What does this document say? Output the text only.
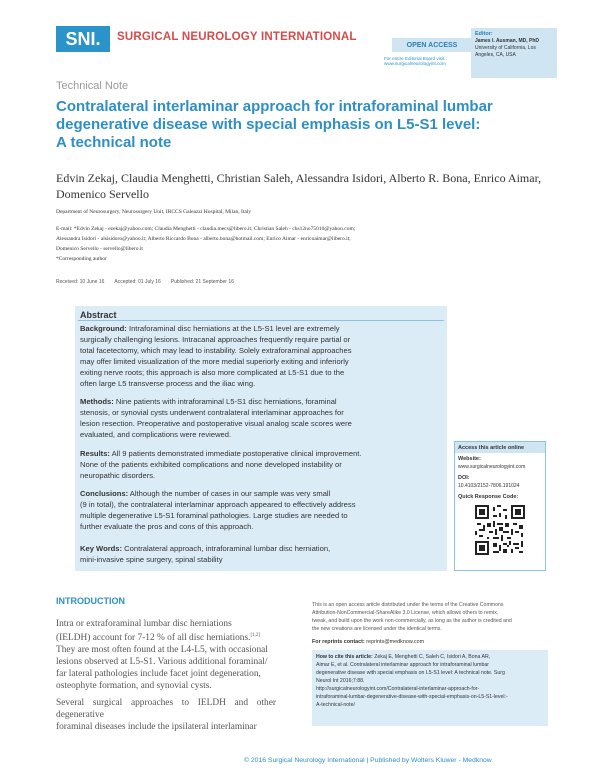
SNI.	SURGICAL NEUROLOGY INTERNATIONAL
OPEN ACCESS
For entire Editorial Board visit : www.surgicalneurologyint.com
Editor:
James I. Ausman, MD, PhD
University of California, Los
Angeles, CA, USA
Technical Note
Contralateral interlaminar approach for intraforaminal lumbar
degenerative disease with special emphasis on L5-S1 level:
A technical note
Edvin Zekaj, Claudia Menghetti, Christian Saleh, Alessandra Isidori, Alberto R. Bona, Enrico Aimar,
Domenico Servello
Department of Neurosurgery, Neurosurgery Unit, IRCCS Galeazzi Hospital, Milan, Italy
E-mail: *Edvin Zekaj - ezekaj@yahoo.com; Claudia Menghetti - claudia.mecs@libero.it; Christian Saleh - chs12no75010@yahoo.com;
Alessandra Isidori - alsisidoro@yahoo.it; Alberto Riccardo Bona - alberto.bona@hotmail.com; Enrico Aimar - enricoaimar@libero.it;
Domenico Servello - servello@libero.it
*Corresponding author
Received: 10 June 16 Accepted: 01 July 16 Published: 21 September 16
Abstract
Background: Intraforaminal disc herniations at the L5-S1 level are extremely
surgically challenging lesions. Intracanal approaches frequently require partial or
total facetectomy, which may lead to instability. Solely extraforaminal approaches
may offer limited visualization of the more medial superiorly exiting and inferiorly
exiting nerve roots; this approach is also more complicated at L5-S1 due to the
often large L5 transverse process and the iliac wing.
Methods: Nine patients with intraforaminal L5-S1 disc herniations, foraminal
stenosis, or synovial cysts underwent contralateral interlaminar approaches for
lesion resection. Preoperative and postoperative visual analog scale scores were
evaluated, and complications were reviewed.
Results: All 9 patients demonstrated immediate postoperative clinical improvement.
None of the patients exhibited complications and none developed instability or
neuropathic disorders.
Conclusions: Although the number of cases in our sample was very small
(9 in total), the contralateral interlaminar approach appeared to effectively address
multiple degenerative L5-S1 foraminal pathologies. Large studies are needed to
further evaluate the pros and cons of this approach.
Key Words: Contralateral approach, intraforaminal lumbar disc herniation,
mini-invasive spine surgery, spinal stability
Access this article online
Website:
www.surgicalneurologyint.com
DOI:
10.4103/2152-7806.191024
Quick Response Code:
INTRODUCTION
Intra or extraforaminal lumbar disc herniations
(IELDH) account for 7-12 % of all disc herniations.[1,2]
They are most often found at the L4-L5, with occasional
lesions observed at L5-S1. Various additional foraminal/
far lateral pathologies include facet joint degeneration,
osteophyte formation, and synovial cysts.
Several surgical approaches to IELDH and other degenerative
foraminal diseases include the ipsilateral interlaminar
This is an open access article distributed under the terms of the Creative Commons
Attribution-NonCommercial-ShareAlike 3.0 License, which allows others to remix,
tweak, and build upon the work non-commercially, as long as the author is credited and
the new creations are licensed under the identical terms.
For reprints contact: reprints@medknow.com
How to cite this article: Zekaj E, Menghetti C, Saleh C, Isidori A, Bona AR,
Aimar E, et al. Contralateral interlaminar approach for intraforaminal lumbar
degenerative disease with special emphasis on L5-S1 level: A technical note. Surg
Neurol Int 2016;7:88.
http://surgicalneurologyint.com/Contralateral-interlaminar-approach-for-
intraforaminal-lumbar-degenerative-disease-with-special-emphasis-on-L5-S1-level:-
A-technical-note/
© 2016 Surgical Neurology International | Published by Wolters Kluwer - Medknow
